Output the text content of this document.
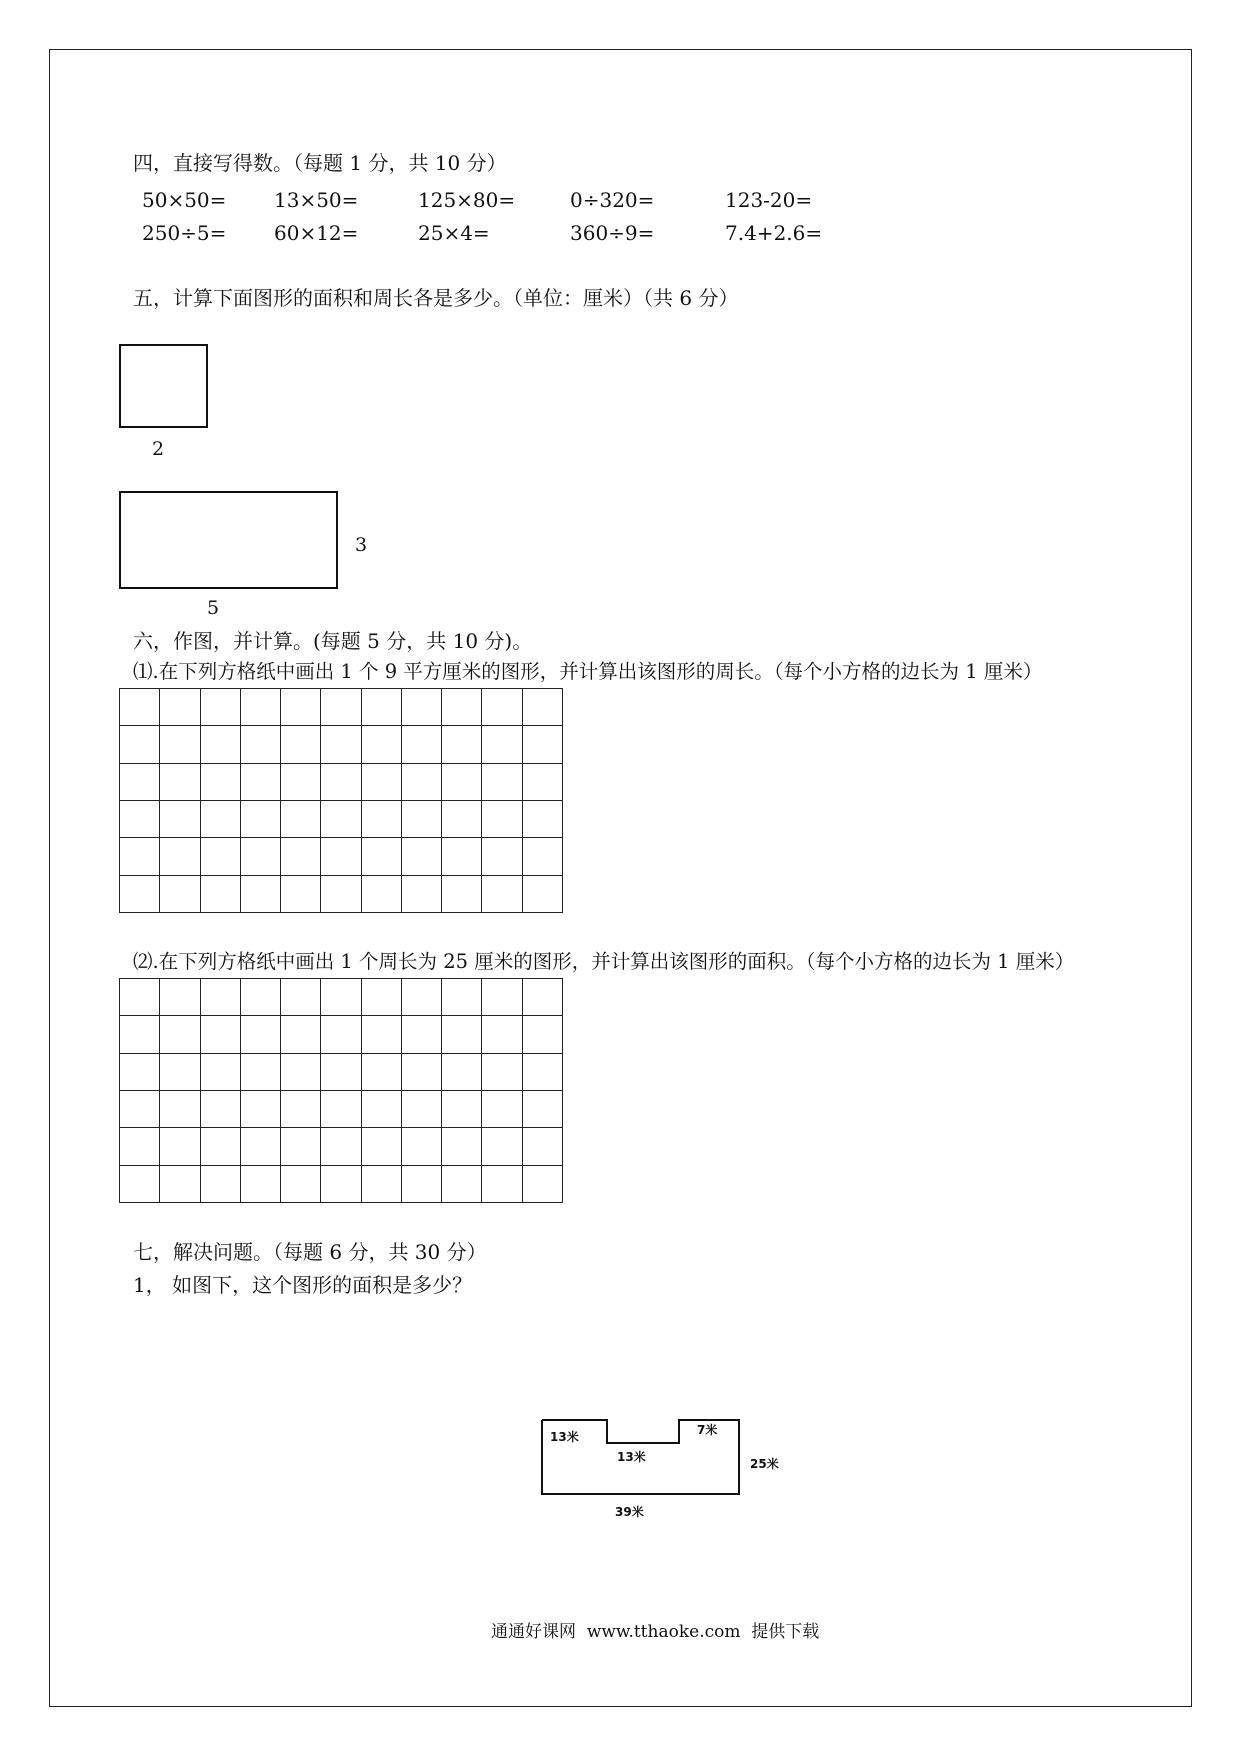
四，直接写得数。（每题 1 分，共 10 分）
50×50= 13×50=	125×80=	0÷320=	123-20=
250÷5= 60×12=	25×4=	360÷9=	7.4+2.6=
五，计算下面图形的面积和周长各是多少。（单位：厘米）（共 6 分）
2
3
5
六，作图，并计算。(每题 5 分，共 10 分)。
⑴.在下列方格纸中画出 1 个 9 平方厘米的图形，并计算出该图形的周长。（每个小方格的边长为 1 厘米）
⑵.在下列方格纸中画出 1 个周长为 25 厘米的图形，并计算出该图形的面积。（每个小方格的边长为 1 厘米）
七，解决问题。（每题 6 分，共 30 分）
1， 如图下，这个图形的面积是多少？
13米
13米
7米
25米
39米
通通好课网 www.tthaoke.com 提供下载
